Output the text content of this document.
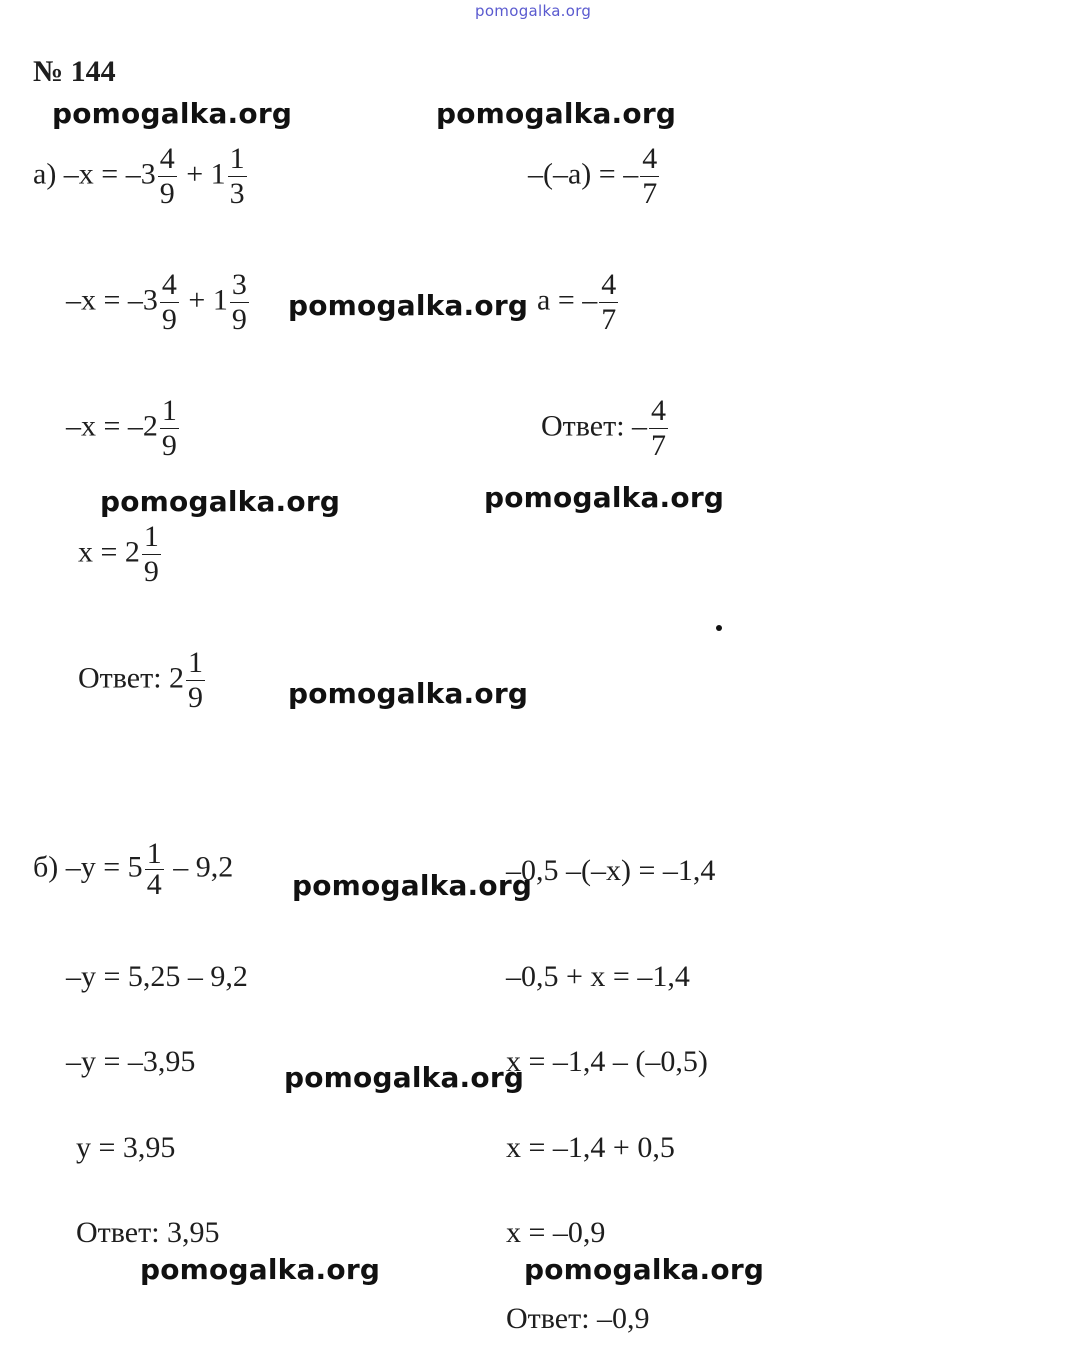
pomogalka.org
№ 144
pomogalka.org	pomogalka.org
pomogalka.org
pomogalka.org	pomogalka.org
pomogalka.org
pomogalka.org
pomogalka.org
pomogalka.org	pomogalka.org
а) $-x = -3 \frac{4}{9} + 1 \frac{1}{3}$
$-x = -3 \frac{4}{9} + 1 \frac{3}{9}$
$-x = -2 \frac{1}{9}$
$x = 2 \frac{1}{9}$
Ответ: $2 \frac{1}{9}$
–(–a) = – $\frac{4}{7}$
a = – $\frac{4}{7}$
Ответ: – $\frac{4}{7}$
б) $-y = 5 \frac{1}{4} - 9,2$
–y = 5,25 – 9,2
–y = –3,95
y = 3,95
Ответ: 3,95
–0,5 –(–x) = –1,4
–0,5 + x = –1,4
x = –1,4 – (–0,5)
x = –1,4 + 0,5
x = –0,9
Ответ: –0,9
